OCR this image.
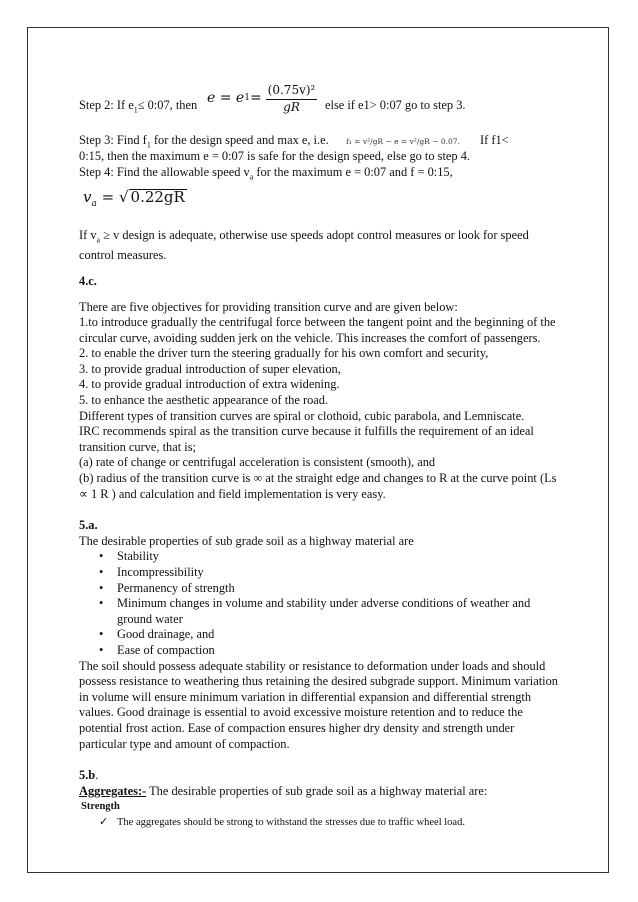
Step 2: If $e_1\le$ 0:07, then e = e $1 = \frac{\text{(0.75v)²}}{gR}$ else if e1> 0:07 go to step 3.
Step 3: Find $f_1$ for the design speed and max e, i.e. f₁ = v²/gR − e = v²/gR − 0.07. If f1<

0:15, then the maximum e = 0:07 is safe for the design speed, else go to step 4.

Step 4: Find the allowable speed $v_a$ for the maximum e = 0:07 and f = 0:15,

$v_a$ = √ 0.22gR

If $v_a \ge v$ design is adequate, otherwise use speeds adopt control measures or look for speed control measures.

4.c.

There are five objectives for providing transition curve and are given below:

1.to introduce gradually the centrifugal force between the tangent point and the beginning of the circular curve, avoiding sudden jerk on the vehicle. This increases the comfort of passengers.

2. to enable the driver turn the steering gradually for his own comfort and security,

3. to provide gradual introduction of super elevation,

4. to provide gradual introduction of extra widening.

5. to enhance the aesthetic appearance of the road.

Different types of transition curves are spiral or clothoid, cubic parabola, and Lemniscate.

IRC recommends spiral as the transition curve because it fulfills the requirement of an ideal transition curve, that is;

(a) rate of change or centrifugal acceleration is consistent (smooth), and

(b) radius of the transition curve is ∞ at the straight edge and changes to R at the curve point (Ls ∝ 1 R ) and calculation and field implementation is very easy.

5.a.

The desirable properties of sub grade soil as a highway material are

• Stability
• Incompressibility
• Permanency of strength
• Minimum changes in volume and stability under adverse conditions of weather and ground water
• Good drainage, and
• Ease of compaction

The soil should possess adequate stability or resistance to deformation under loads and should possess resistance to weathering thus retaining the desired subgrade support. Minimum variation in volume will ensure minimum variation in differential expansion and differential strength values. Good drainage is essential to avoid excessive moisture retention and to reduce the potential frost action. Ease of compaction ensures higher dry density and strength under particular type and amount of compaction.

5.b.

Aggregates:- The desirable properties of sub grade soil as a highway material are:

Strength

✓ The aggregates should be strong to withstand the stresses due to traffic wheel load.
